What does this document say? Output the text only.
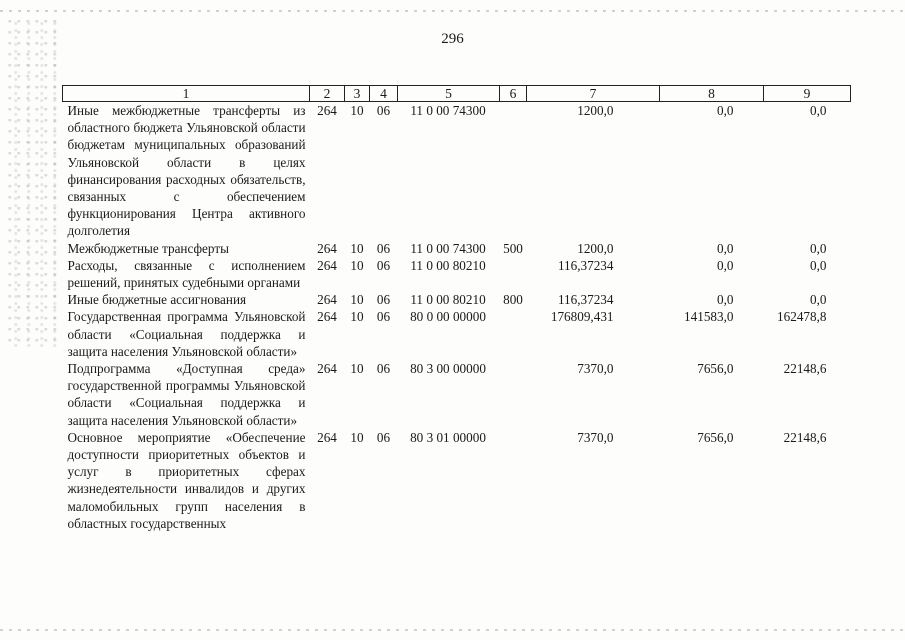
296
1	2	3	4	5	6	7	8	9
Иные межбюджетные трансферты из областного бюджета Ульяновской области бюджетам муниципальных образований Ульяновской области в целях финансирования расходных обязательств, связанных с обеспечением функционирования Центра активного долголетия	264	10	06	11 0 00 74300		1200,0	0,0	0,0
Межбюджетные трансферты	264	10	06	11 0 00 74300	500	1200,0	0,0	0,0
Расходы, связанные с исполнением решений, принятых судебными органами	264	10	06	11 0 00 80210		116,37234	0,0	0,0
Иные бюджетные ассигнования	264	10	06	11 0 00 80210	800	116,37234	0,0	0,0
Государственная программа Ульяновской области «Социальная поддержка и защита населения Ульяновской области»	264	10	06	80 0 00 00000		176809,431	141583,0	162478,8
Подпрограмма «Доступная среда» государственной программы Ульяновской области «Социальная поддержка и защита населения Ульяновской области»	264	10	06	80 3 00 00000		7370,0	7656,0	22148,6
Основное мероприятие «Обеспечение доступности приоритетных объектов и услуг в приоритетных сферах жизнедеятельности инвалидов и других маломобильных групп населения в областных государственных	264	10	06	80 3 01 00000		7370,0	7656,0	22148,6
